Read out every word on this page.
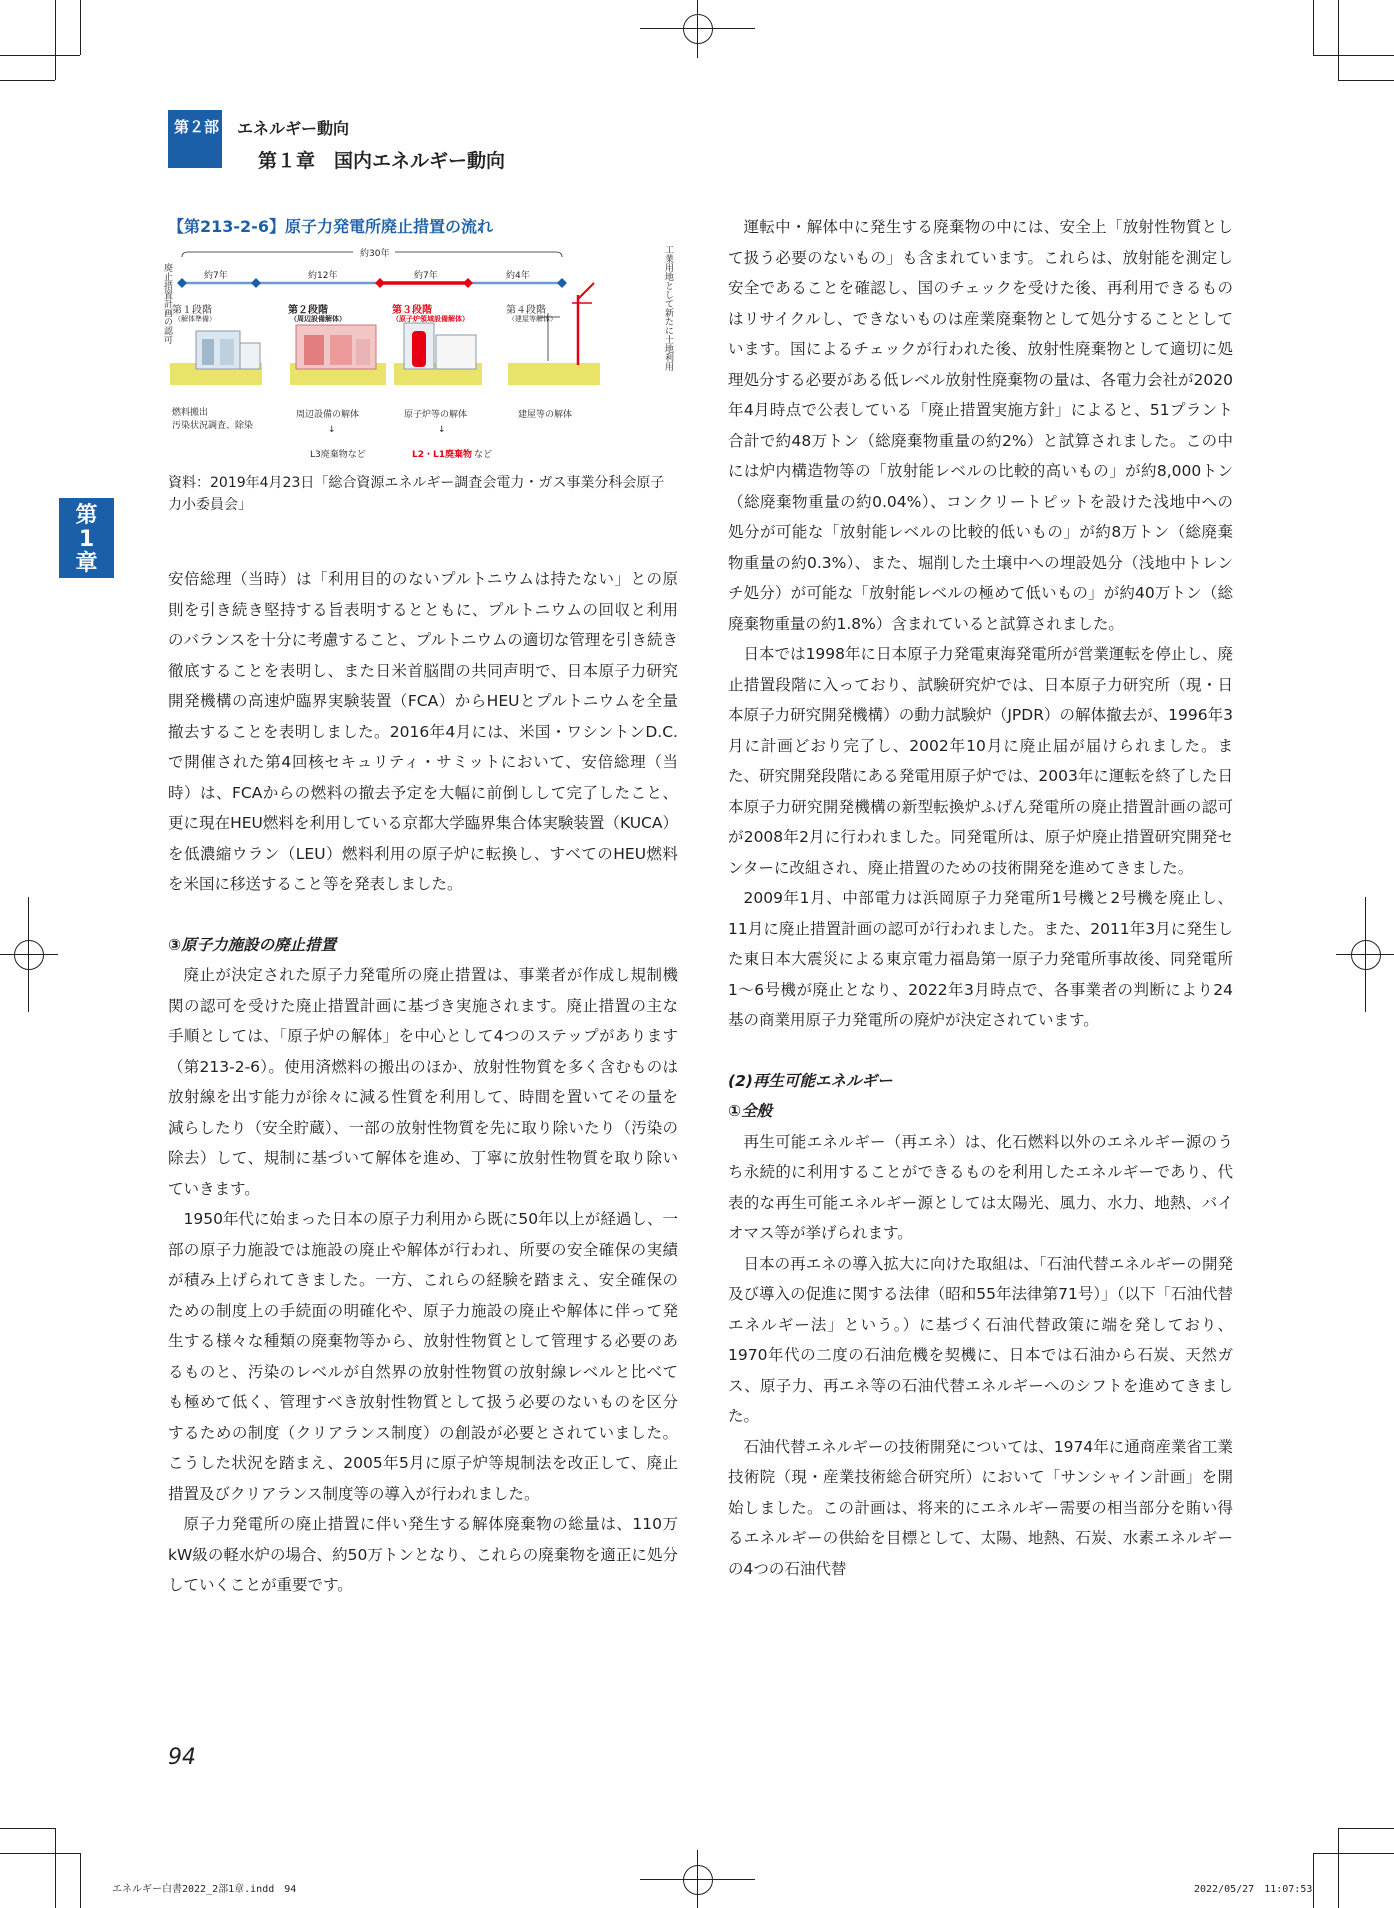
第２部 エネルギー動向
第１章　国内エネルギー動向
第
1
章
【第213-2-6】原子力発電所廃止措置の流れ
廃止措置計画の認可	工業用地として新たに土地利用
約30年
約7年	約12年	約7年	約4年
第１段階
（解体準備）
第２段階
（周辺設備解体）
第３段階
（原子炉領域設備解体）
第４段階
（建屋等解体）
燃料搬出
汚染状況調査、除染
周辺設備の解体	原子炉等の解体	建屋等の解体
↓	↓
L3廃棄物など	L2・L1廃棄物 など
資料：2019年4月23日「総合資源エネルギー調査会電力・ガス事業分科会原子力小委員会」

安倍総理（当時）は「利用目的のないプルトニウムは持たない」との原則を引き続き堅持する旨表明するとともに、プルトニウムの回収と利用のバランスを十分に考慮すること、プルトニウムの適切な管理を引き続き徹底することを表明し、また日米首脳間の共同声明で、日本原子力研究開発機構の高速炉臨界実験装置（FCA）からHEUとプルトニウムを全量撤去することを表明しました。2016年4月には、米国・ワシントンD.C.で開催された第4回核セキュリティ・サミットにおいて、安倍総理（当時）は、FCAからの燃料の撤去予定を大幅に前倒しして完了したこと、更に現在HEU燃料を利用している京都大学臨界集合体実験装置（KUCA）を低濃縮ウラン（LEU）燃料利用の原子炉に転換し、すべてのHEU燃料を米国に移送すること等を発表しました。

③原子力施設の廃止措置

廃止が決定された原子力発電所の廃止措置は、事業者が作成し規制機関の認可を受けた廃止措置計画に基づき実施されます。廃止措置の主な手順としては、「原子炉の解体」を中心として4つのステップがあります（第213-2-6）。使用済燃料の搬出のほか、放射性物質を多く含むものは放射線を出す能力が徐々に減る性質を利用して、時間を置いてその量を減らしたり（安全貯蔵）、一部の放射性物質を先に取り除いたり（汚染の除去）して、規制に基づいて解体を進め、丁寧に放射性物質を取り除いていきます。

1950年代に始まった日本の原子力利用から既に50年以上が経過し、一部の原子力施設では施設の廃止や解体が行われ、所要の安全確保の実績が積み上げられてきました。一方、これらの経験を踏まえ、安全確保のための制度上の手続面の明確化や、原子力施設の廃止や解体に伴って発生する様々な種類の廃棄物等から、放射性物質として管理する必要のあるものと、汚染のレベルが自然界の放射性物質の放射線レベルと比べても極めて低く、管理すべき放射性物質として扱う必要のないものを区分するための制度（クリアランス制度）の創設が必要とされていました。こうした状況を踏まえ、2005年5月に原子炉等規制法を改正して、廃止措置及びクリアランス制度等の導入が行われました。

原子力発電所の廃止措置に伴い発生する解体廃棄物の総量は、110万kW級の軽水炉の場合、約50万トンとなり、これらの廃棄物を適正に処分していくことが重要です。

運転中・解体中に発生する廃棄物の中には、安全上「放射性物質として扱う必要のないもの」も含まれています。これらは、放射能を測定し安全であることを確認し、国のチェックを受けた後、再利用できるものはリサイクルし、できないものは産業廃棄物として処分することとしています。国によるチェックが行われた後、放射性廃棄物として適切に処理処分する必要がある低レベル放射性廃棄物の量は、各電力会社が2020年4月時点で公表している「廃止措置実施方針」によると、51プラント合計で約48万トン（総廃棄物重量の約2%）と試算されました。この中には炉内構造物等の「放射能レベルの比較的高いもの」が約8,000トン（総廃棄物重量の約0.04%）、コンクリートピットを設けた浅地中への処分が可能な「放射能レベルの比較的低いもの」が約8万トン（総廃棄物重量の約0.3%）、また、堀削した土壌中への埋設処分（浅地中トレンチ処分）が可能な「放射能レベルの極めて低いもの」が約40万トン（総廃棄物重量の約1.8%）含まれていると試算されました。

日本では1998年に日本原子力発電東海発電所が営業運転を停止し、廃止措置段階に入っており、試験研究炉では、日本原子力研究所（現・日本原子力研究開発機構）の動力試験炉（JPDR）の解体撤去が、1996年3月に計画どおり完了し、2002年10月に廃止届が届けられました。また、研究開発段階にある発電用原子炉では、2003年に運転を終了した日本原子力研究開発機構の新型転換炉ふげん発電所の廃止措置計画の認可が2008年2月に行われました。同発電所は、原子炉廃止措置研究開発センターに改組され、廃止措置のための技術開発を進めてきました。

2009年1月、中部電力は浜岡原子力発電所1号機と2号機を廃止し、11月に廃止措置計画の認可が行われました。また、2011年3月に発生した東日本大震災による東京電力福島第一原子力発電所事故後、同発電所1～6号機が廃止となり、2022年3月時点で、各事業者の判断により24基の商業用原子力発電所の廃炉が決定されています。

(2)再生可能エネルギー
①全般

再生可能エネルギー（再エネ）は、化石燃料以外のエネルギー源のうち永続的に利用することができるものを利用したエネルギーであり、代表的な再生可能エネルギー源としては太陽光、風力、水力、地熱、バイオマス等が挙げられます。

日本の再エネの導入拡大に向けた取組は、「石油代替エネルギーの開発及び導入の促進に関する法律（昭和55年法律第71号）」（以下「石油代替エネルギー法」という。）に基づく石油代替政策に端を発しており、1970年代の二度の石油危機を契機に、日本では石油から石炭、天然ガス、原子力、再エネ等の石油代替エネルギーへのシフトを進めてきました。

石油代替エネルギーの技術開発については、1974年に通商産業省工業技術院（現・産業技術総合研究所）において「サンシャイン計画」を開始しました。この計画は、将来的にエネルギー需要の相当部分を賄い得るエネルギーの供給を目標として、太陽、地熱、石炭、水素エネルギーの4つの石油代替

94
エネルギー白書2022_2部1章.indd　94	2022/05/27　11:07:53
